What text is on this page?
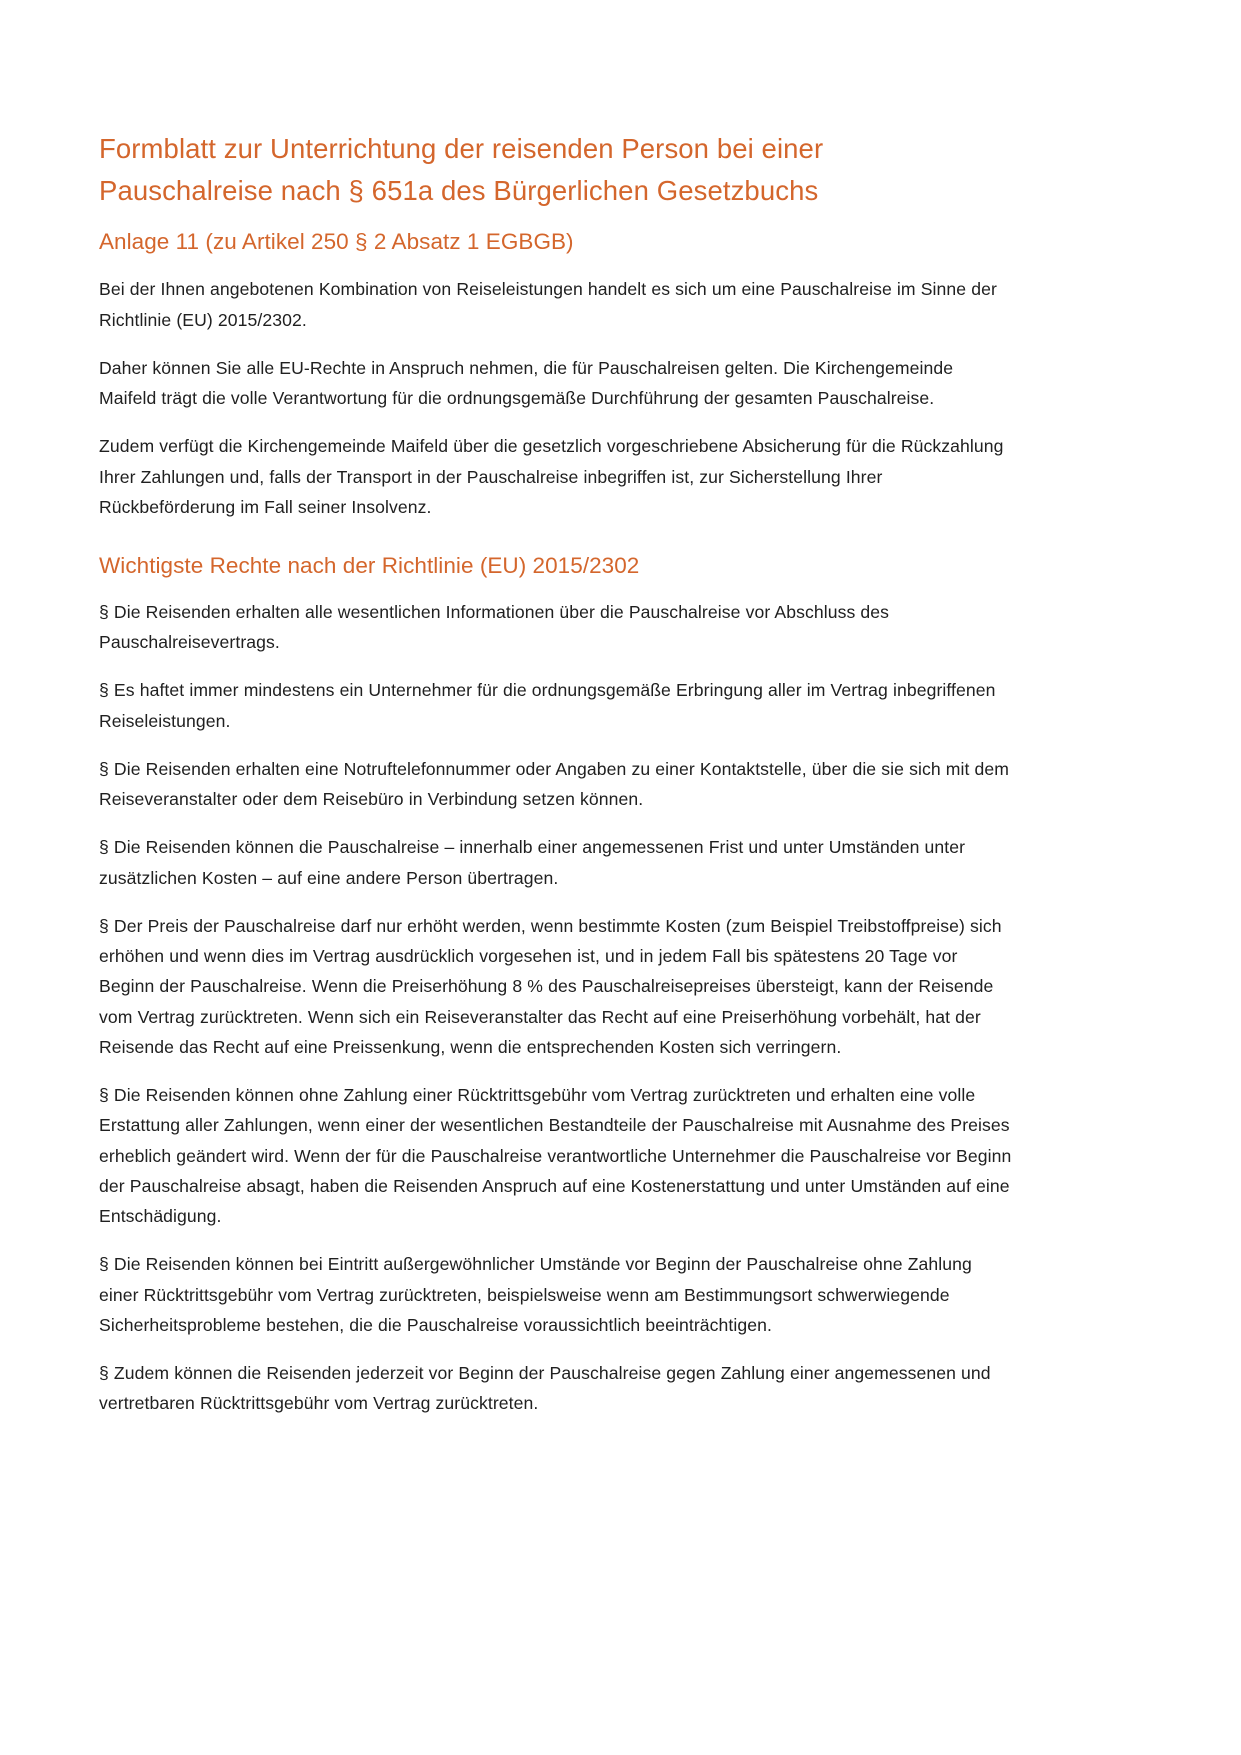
Formblatt zur Unterrichtung der reisenden Person bei einer Pauschalreise nach § 651a des Bürgerlichen Gesetzbuchs
Anlage 11 (zu Artikel 250 § 2 Absatz 1 EGBGB)

Bei der Ihnen angebotenen Kombination von Reiseleistungen handelt es sich um eine Pauschalreise im Sinne der Richtlinie (EU) 2015/2302.

Daher können Sie alle EU-Rechte in Anspruch nehmen, die für Pauschalreisen gelten. Die Kirchengemeinde Maifeld trägt die volle Verantwortung für die ordnungsgemäße Durchführung der gesamten Pauschalreise.

Zudem verfügt die Kirchengemeinde Maifeld über die gesetzlich vorgeschriebene Absicherung für die Rückzahlung Ihrer Zahlungen und, falls der Transport in der Pauschalreise inbegriffen ist, zur Sicherstellung Ihrer Rückbeförderung im Fall seiner Insolvenz.

Wichtigste Rechte nach der Richtlinie (EU) 2015/2302

§ Die Reisenden erhalten alle wesentlichen Informationen über die Pauschalreise vor Abschluss des Pauschalreisevertrags.

§ Es haftet immer mindestens ein Unternehmer für die ordnungsgemäße Erbringung aller im Vertrag inbegriffenen Reiseleistungen.

§ Die Reisenden erhalten eine Notruftelefonnummer oder Angaben zu einer Kontaktstelle, über die sie sich mit dem Reiseveranstalter oder dem Reisebüro in Verbindung setzen können.

§ Die Reisenden können die Pauschalreise – innerhalb einer angemessenen Frist und unter Umständen unter zusätzlichen Kosten – auf eine andere Person übertragen.

§ Der Preis der Pauschalreise darf nur erhöht werden, wenn bestimmte Kosten (zum Beispiel Treibstoffpreise) sich erhöhen und wenn dies im Vertrag ausdrücklich vorgesehen ist, und in jedem Fall bis spätestens 20 Tage vor Beginn der Pauschalreise. Wenn die Preiserhöhung 8 % des Pauschalreisepreises übersteigt, kann der Reisende vom Vertrag zurücktreten. Wenn sich ein Reiseveranstalter das Recht auf eine Preiserhöhung vorbehält, hat der Reisende das Recht auf eine Preissenkung, wenn die entsprechenden Kosten sich verringern.

§ Die Reisenden können ohne Zahlung einer Rücktrittsgebühr vom Vertrag zurücktreten und erhalten eine volle Erstattung aller Zahlungen, wenn einer der wesentlichen Bestandteile der Pauschalreise mit Ausnahme des Preises erheblich geändert wird. Wenn der für die Pauschalreise verantwortliche Unternehmer die Pauschalreise vor Beginn der Pauschalreise absagt, haben die Reisenden Anspruch auf eine Kostenerstattung und unter Umständen auf eine Entschädigung.

§ Die Reisenden können bei Eintritt außergewöhnlicher Umstände vor Beginn der Pauschalreise ohne Zahlung einer Rücktrittsgebühr vom Vertrag zurücktreten, beispielsweise wenn am Bestimmungsort schwerwiegende Sicherheitsprobleme bestehen, die die Pauschalreise voraussichtlich beeinträchtigen.

§ Zudem können die Reisenden jederzeit vor Beginn der Pauschalreise gegen Zahlung einer angemessenen und vertretbaren Rücktrittsgebühr vom Vertrag zurücktreten.
